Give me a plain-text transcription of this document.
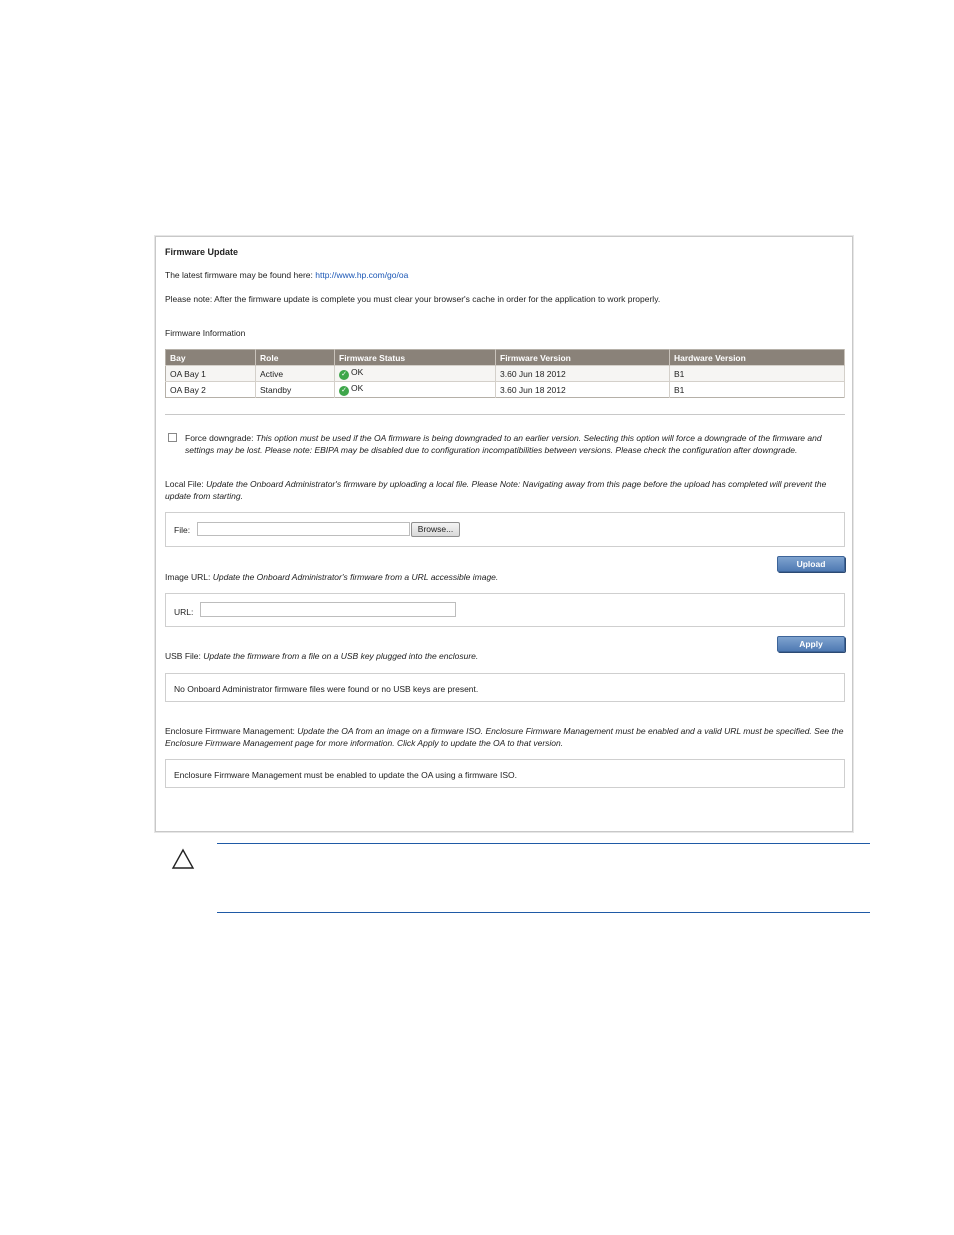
Firmware Update
The latest firmware may be found here: http://www.hp.com/go/oa
Please note: After the firmware update is complete you must clear your browser's cache in order for the application to work properly.
Firmware Information
Bay	Role	Firmware Status	Firmware Version	Hardware Version
OA Bay 1	Active	✓ OK	3.60 Jun 18 2012	B1
OA Bay 2	Standby	✓ OK	3.60 Jun 18 2012	B1
Force downgrade: This option must be used if the OA firmware is being downgraded to an earlier version. Selecting this option will force a downgrade of the firmware and settings may be lost. Please note: EBIPA may be disabled due to configuration incompatibilities between versions. Please check the configuration after downgrade.
Local File: Update the Onboard Administrator's firmware by uploading a local file. Please Note: Navigating away from this page before the upload has completed will prevent the update from starting.
File:	Browse...
Upload
Image URL: Update the Onboard Administrator's firmware from a URL accessible image.
URL:
Apply
USB File: Update the firmware from a file on a USB key plugged into the enclosure.
No Onboard Administrator firmware files were found or no USB keys are present.
Enclosure Firmware Management: Update the OA from an image on a firmware ISO. Enclosure Firmware Management must be enabled and a valid URL must be specified. See the Enclosure Firmware Management page for more information. Click Apply to update the OA to that version.
Enclosure Firmware Management must be enabled to update the OA using a firmware ISO.
